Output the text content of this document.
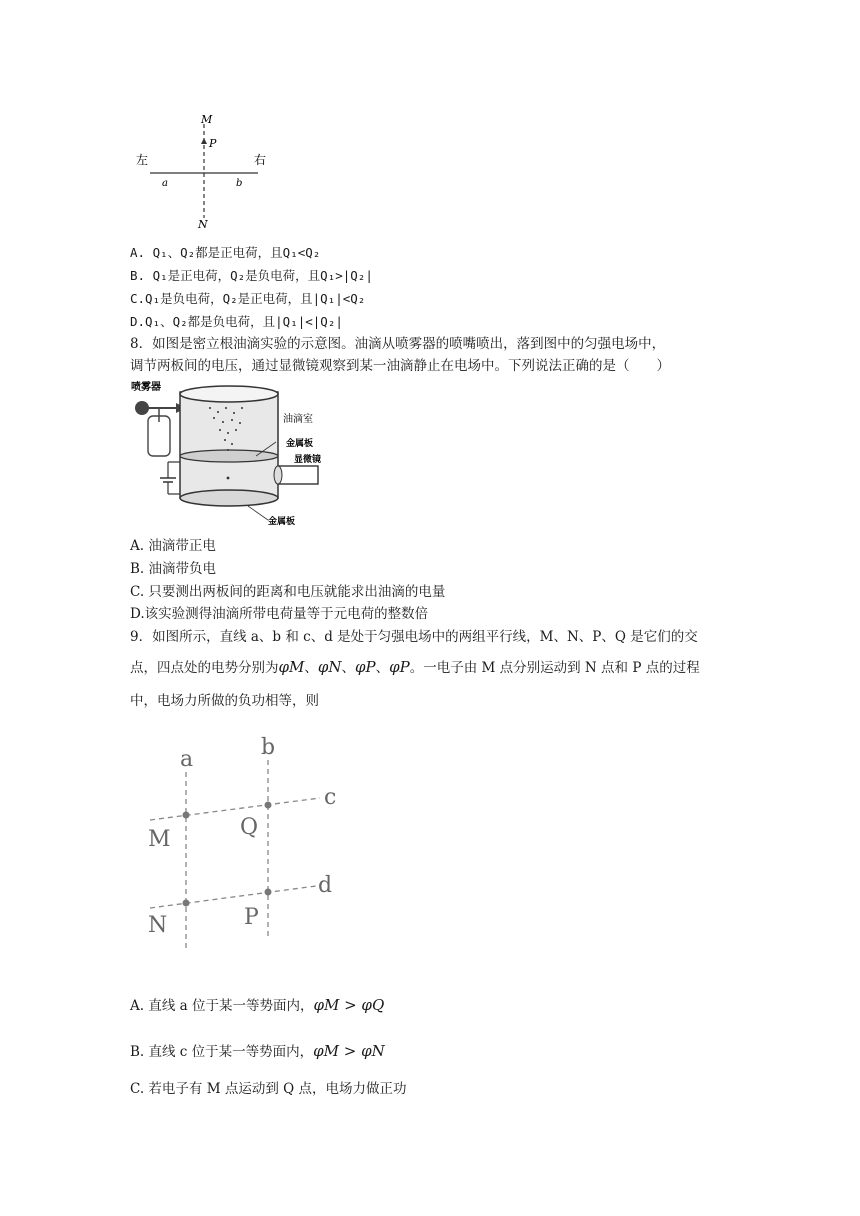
M
P
N
左	右
a	b
A. Q₁、Q₂都是正电荷，且Q₁<Q₂
B. Q₁是正电荷，Q₂是负电荷，且Q₁>|Q₂|
C.Q₁是负电荷，Q₂是正电荷，且|Q₁|<Q₂
D.Q₁、Q₂都是负电荷，且|Q₁|<|Q₂|
8．如图是密立根油滴实验的示意图。油滴从喷雾器的喷嘴喷出，落到图中的匀强电场中，
调节两板间的电压，通过显微镜观察到某一油滴静止在电场中。下列说法正确的是（　　）
喷雾器
油滴室
金属板
显微镜
金属板
A. 油滴带正电
B. 油滴带负电
C. 只要测出两板间的距离和电压就能求出油滴的电量
D.该实验测得油滴所带电荷量等于元电荷的整数倍
9．如图所示，直线 a、b 和 c、d 是处于匀强电场中的两组平行线，M、N、P、Q 是它们的交
点，四点处的电势分别为φM、φN、φP、φP。一电子由 M 点分别运动到 N 点和 P 点的过程
中，电场力所做的负功相等，则
a	b
c
d
M	Q
N	P
A. 直线 a 位于某一等势面内，φM > φQ
B. 直线 c 位于某一等势面内，φM > φN
C. 若电子有 M 点运动到 Q 点，电场力做正功
